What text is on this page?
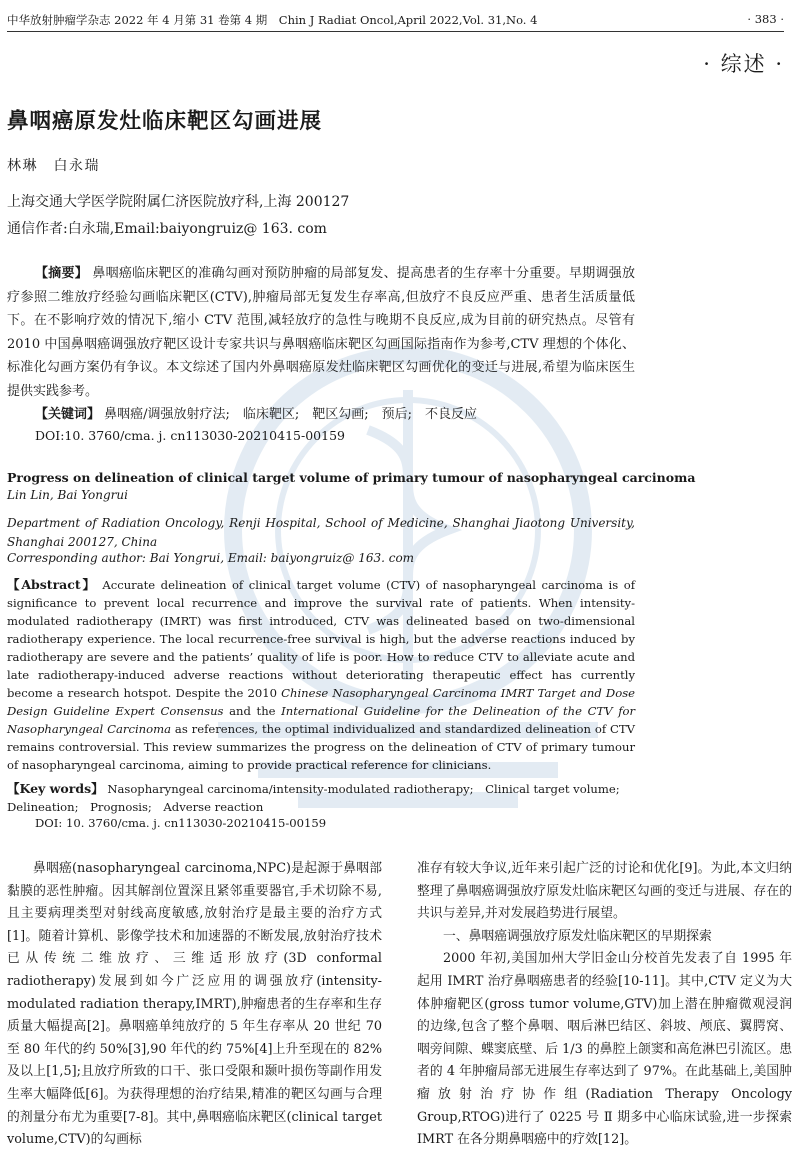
中华放射肿瘤学杂志 2022 年 4 月第 31 卷第 4 期　Chin J Radiat Oncol,April 2022,Vol. 31,No. 4	· 383 ·
· 综述 ·
鼻咽癌原发灶临床靶区勾画进展
林琳　白永瑞
上海交通大学医学院附属仁济医院放疗科,上海 200127
通信作者:白永瑞,Email:baiyongruiz@ 163. com
【摘要】 鼻咽癌临床靶区的准确勾画对预防肿瘤的局部复发、提高患者的生存率十分重要。早期调强放疗参照二维放疗经验勾画临床靶区(CTV),肿瘤局部无复发生存率高,但放疗不良反应严重、患者生活质量低下。在不影响疗效的情况下,缩小 CTV 范围,减轻放疗的急性与晚期不良反应,成为目前的研究热点。尽管有 2010 中国鼻咽癌调强放疗靶区设计专家共识与鼻咽癌临床靶区勾画国际指南作为参考,CTV 理想的个体化、标准化勾画方案仍有争议。本文综述了国内外鼻咽癌原发灶临床靶区勾画优化的变迁与进展,希望为临床医生提供实践参考。
【关键词】 鼻咽癌/调强放射疗法;　临床靶区;　靶区勾画;　预后;　不良反应
DOI:10. 3760/cma. j. cn113030-20210415-00159
Progress on delineation of clinical target volume of primary tumour of nasopharyngeal carcinoma
Lin Lin, Bai Yongrui
Department of Radiation Oncology, Renji Hospital, School of Medicine, Shanghai Jiaotong University, Shanghai 200127, China
Corresponding author: Bai Yongrui, Email: baiyongruiz@ 163. com
【Abstract】 Accurate delineation of clinical target volume (CTV) of nasopharyngeal carcinoma is of significance to prevent local recurrence and improve the survival rate of patients. When intensity-modulated radiotherapy (IMRT) was first introduced, CTV was delineated based on two-dimensional radiotherapy experience. The local recurrence-free survival is high, but the adverse reactions induced by radiotherapy are severe and the patients’ quality of life is poor. How to reduce CTV to alleviate acute and late radiotherapy-induced adverse reactions without deteriorating therapeutic effect has currently become a research hotspot. Despite the 2010 Chinese Nasopharyngeal Carcinoma IMRT Target and Dose Design Guideline Expert Consensus and the International Guideline for the Delineation of the CTV for Nasopharyngeal Carcinoma as references, the optimal individualized and standardized delineation of CTV remains controversial. This review summarizes the progress on the delineation of CTV of primary tumour of nasopharyngeal carcinoma, aiming to provide practical reference for clinicians.
【Key words】 Nasopharyngeal carcinoma/intensity-modulated radiotherapy;　Clinical target volume;　Delineation;　Prognosis;　Adverse reaction
DOI: 10. 3760/cma. j. cn113030-20210415-00159

鼻咽癌(nasopharyngeal carcinoma,NPC)是起源于鼻咽部黏膜的恶性肿瘤。因其解剖位置深且紧邻重要器官,手术切除不易,且主要病理类型对射线高度敏感,放射治疗是最主要的治疗方式[1]。随着计算机、影像学技术和加速器的不断发展,放射治疗技术已从传统二维放疗、三维适形放疗(3D conformal radiotherapy)发展到如今广泛应用的调强放疗(intensity-modulated radiation therapy,IMRT),肿瘤患者的生存率和生存质量大幅提高[2]。鼻咽癌单纯放疗的 5 年生存率从 20 世纪 70 至 80 年代的约 50%[3],90 年代的约 75%[4]上升至现在的 82%及以上[1,5];且放疗所致的口干、张口受限和颞叶损伤等副作用发生率大幅降低[6]。为获得理想的治疗结果,精准的靶区勾画与合理的剂量分布尤为重要[7-8]。其中,鼻咽癌临床靶区(clinical target volume,CTV)的勾画标

准存有较大争议,近年来引起广泛的讨论和优化[9]。为此,本文归纳整理了鼻咽癌调强放疗原发灶临床靶区勾画的变迁与进展、存在的共识与差异,并对发展趋势进行展望。

一、鼻咽癌调强放疗原发灶临床靶区的早期探索

2000 年初,美国加州大学旧金山分校首先发表了自 1995 年起用 IMRT 治疗鼻咽癌患者的经验[10-11]。其中,CTV 定义为大体肿瘤靶区(gross tumor volume,GTV)加上潜在肿瘤微观浸润的边缘,包含了整个鼻咽、咽后淋巴结区、斜坡、颅底、翼腭窝、咽旁间隙、蝶窦底壁、后 1/3 的鼻腔上颌窦和高危淋巴引流区。患者的 4 年肿瘤局部无进展生存率达到了 97%。在此基础上,美国肿瘤放射治疗协作组(Radiation Therapy Oncology Group,RTOG)进行了 0225 号 Ⅱ 期多中心临床试验,进一步探索 IMRT 在各分期鼻咽癌中的疗效[12]。
